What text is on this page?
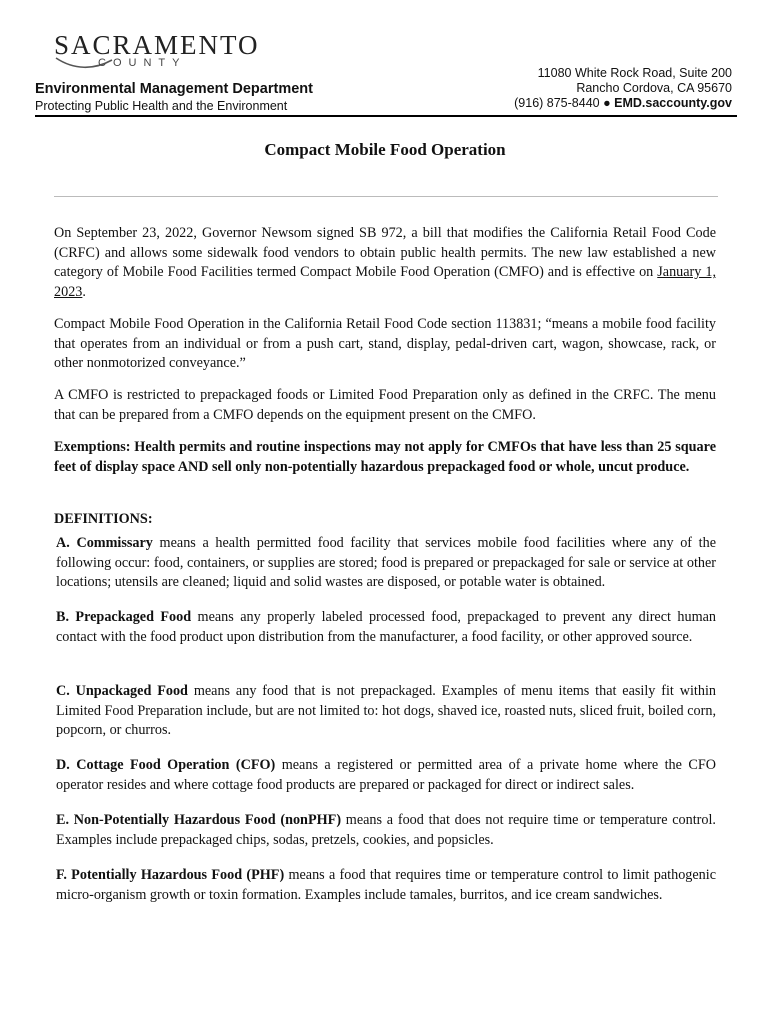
SACRAMENTO
COUNTY
Environmental Management Department
Protecting Public Health and the Environment
11080 White Rock Road, Suite 200
Rancho Cordova, CA 95670
(916) 875-8440 ● EMD.saccounty.gov
Compact Mobile Food Operation
On September 23, 2022, Governor Newsom signed SB 972, a bill that modifies the California Retail Food Code (CRFC) and allows some sidewalk food vendors to obtain public health permits. The new law established a new category of Mobile Food Facilities termed Compact Mobile Food Operation (CMFO) and is effective on January 1, 2023.
Compact Mobile Food Operation in the California Retail Food Code section 113831; “means a mobile food facility that operates from an individual or from a push cart, stand, display, pedal-driven cart, wagon, showcase, rack, or other nonmotorized conveyance.”
A CMFO is restricted to prepackaged foods or Limited Food Preparation only as defined in the CRFC. The menu that can be prepared from a CMFO depends on the equipment present on the CMFO.
Exemptions: Health permits and routine inspections may not apply for CMFOs that have less than 25 square feet of display space AND sell only non-potentially hazardous prepackaged food or whole, uncut produce.
DEFINITIONS:
A. Commissary means a health permitted food facility that services mobile food facilities where any of the following occur: food, containers, or supplies are stored; food is prepared or prepackaged for sale or service at other locations; utensils are cleaned; liquid and solid wastes are disposed, or potable water is obtained.
B. Prepackaged Food means any properly labeled processed food, prepackaged to prevent any direct human contact with the food product upon distribution from the manufacturer, a food facility, or other approved source.
C. Unpackaged Food means any food that is not prepackaged. Examples of menu items that easily fit within Limited Food Preparation include, but are not limited to: hot dogs, shaved ice, roasted nuts, sliced fruit, boiled corn, popcorn, or churros.
D. Cottage Food Operation (CFO) means a registered or permitted area of a private home where the CFO operator resides and where cottage food products are prepared or packaged for direct or indirect sales.
E. Non-Potentially Hazardous Food (nonPHF) means a food that does not require time or temperature control. Examples include prepackaged chips, sodas, pretzels, cookies, and popsicles.
F. Potentially Hazardous Food (PHF) means a food that requires time or temperature control to limit pathogenic micro-organism growth or toxin formation. Examples include tamales, burritos, and ice cream sandwiches.
